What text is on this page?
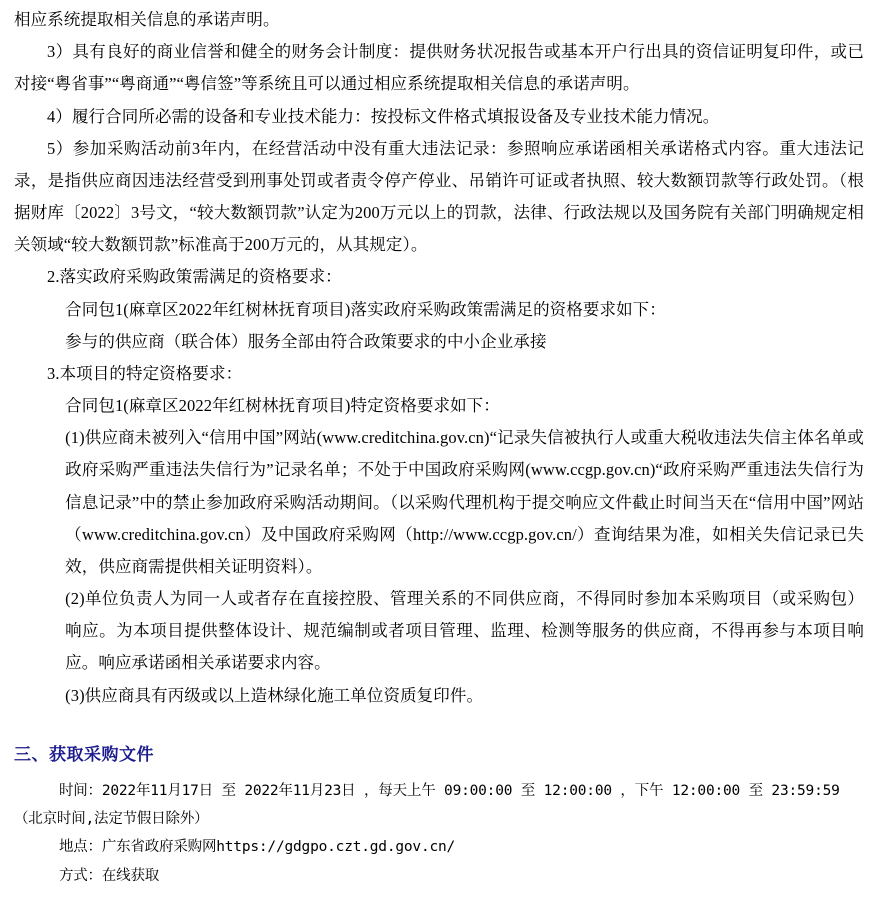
相应系统提取相关信息的承诺声明。

3）具有良好的商业信誉和健全的财务会计制度：提供财务状况报告或基本开户行出具的资信证明复印件，或已对接“粤省事”“粤商通”“粤信签”等系统且可以通过相应系统提取相关信息的承诺声明。

4）履行合同所必需的设备和专业技术能力：按投标文件格式填报设备及专业技术能力情况。

5）参加采购活动前3年内，在经营活动中没有重大违法记录：参照响应承诺函相关承诺格式内容。重大违法记录，是指供应商因违法经营受到刑事处罚或者责令停产停业、吊销许可证或者执照、较大数额罚款等行政处罚。（根据财库〔2022〕3号文，“较大数额罚款”认定为200万元以上的罚款，法律、行政法规以及国务院有关部门明确规定相关领域“较大数额罚款”标准高于200万元的，从其规定）。

2.落实政府采购政策需满足的资格要求：

合同包1(麻章区2022年红树林抚育项目)落实政府采购政策需满足的资格要求如下：

参与的供应商（联合体）服务全部由符合政策要求的中小企业承接

3.本项目的特定资格要求：

合同包1(麻章区2022年红树林抚育项目)特定资格要求如下：

(1)供应商未被列入“信用中国”网站(www.creditchina.gov.cn)“记录失信被执行人或重大税收违法失信主体名单或政府采购严重违法失信行为”记录名单；不处于中国政府采购网(www.ccgp.gov.cn)“政府采购严重违法失信行为信息记录”中的禁止参加政府采购活动期间。（以采购代理机构于提交响应文件截止时间当天在“信用中国”网站（www.creditchina.gov.cn）及中国政府采购网（http://www.ccgp.gov.cn/）查询结果为准，如相关失信记录已失效，供应商需提供相关证明资料）。

(2)单位负责人为同一人或者存在直接控股、管理关系的不同供应商，不得同时参加本采购项目（或采购包）响应。为本项目提供整体设计、规范编制或者项目管理、监理、检测等服务的供应商，不得再参与本项目响应。响应承诺函相关承诺要求内容。

(3)供应商具有丙级或以上造林绿化施工单位资质复印件。

三、获取采购文件

时间：2022年11月17日 至 2022年11月23日 ，每天上午 09:00:00 至 12:00:00 ，下午 12:00:00 至 23:59:59

（北京时间,法定节假日除外）

地点：广东省政府采购网https://gdgpo.czt.gd.gov.cn/

方式：在线获取
